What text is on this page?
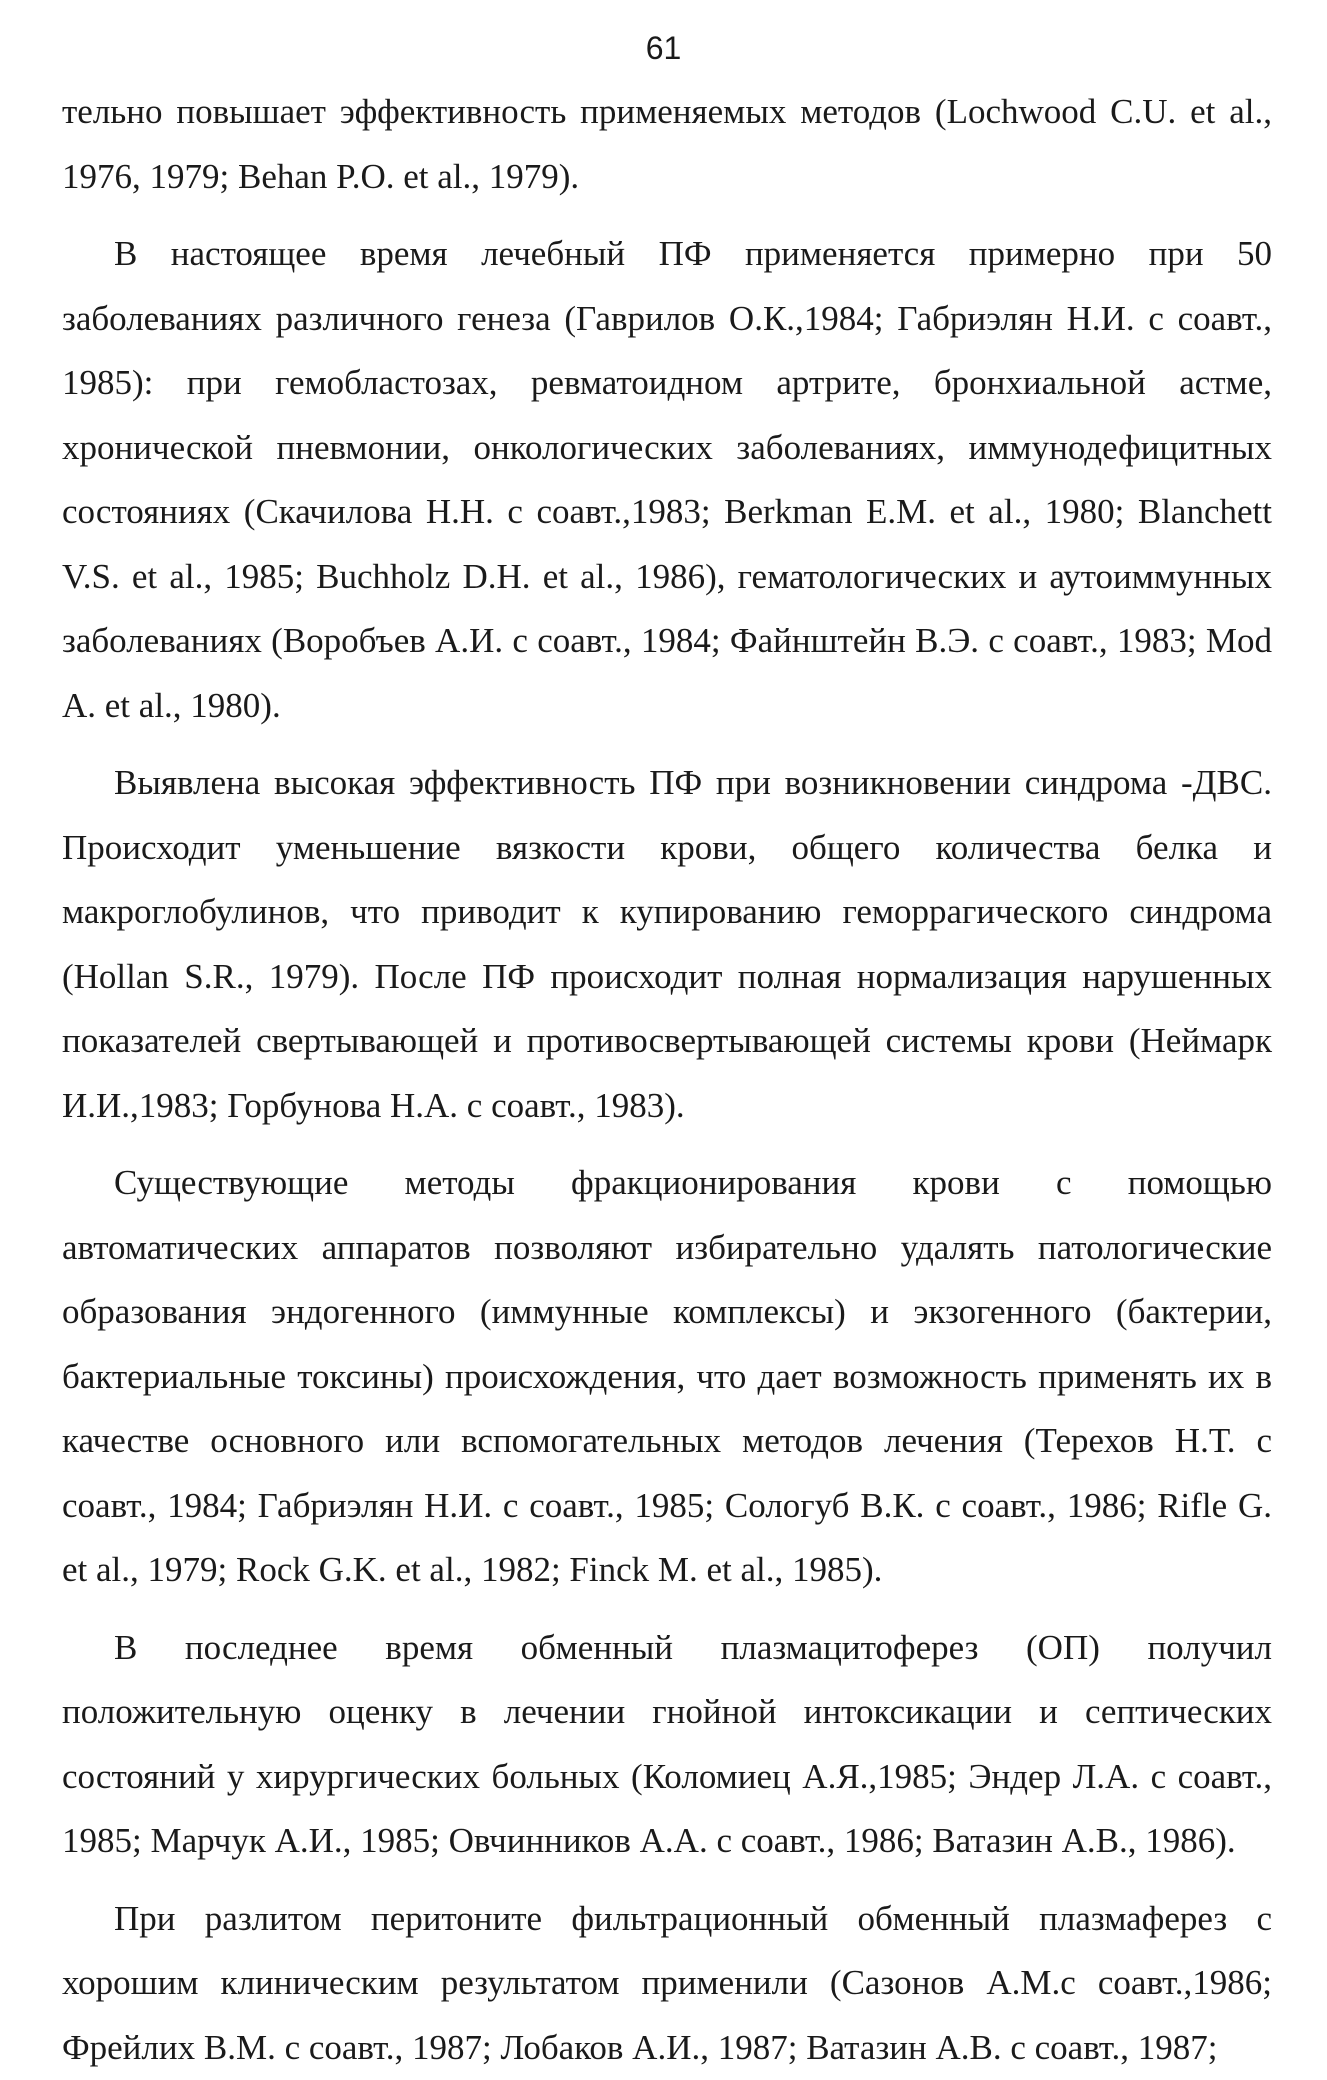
61

тельно повышает эффективность применяемых методов (Lochwood C.U. et al., 1976, 1979; Behan P.O. et al., 1979).

В настоящее время лечебный ПФ применяется примерно при 50 заболеваниях различного генеза (Гаврилов О.К.,1984; Габриэлян Н.И. с соавт., 1985): при гемобластозах, ревматоидном артрите, бронхиальной астме, хронической пневмонии, онкологических заболеваниях, иммунодефицитных состояниях (Скачилова Н.Н. с соавт.,1983; Berkman E.M. et al., 1980; Blanchett V.S. et al., 1985; Buchholz D.H. et al., 1986), гематологических и аутоиммунных заболеваниях (Воробъев А.И. с соавт., 1984; Файнштейн В.Э. с соавт., 1983; Mod A. et al., 1980).

Выявлена высокая эффективность ПФ при возникновении синдрома -ДВС. Происходит уменьшение вязкости крови, общего количества белка и макроглобулинов, что приводит к купированию геморрагического синдрома (Hollan S.R., 1979). После ПФ происходит полная нормализация нарушенных показателей свертывающей и противосвертывающей системы крови (Неймарк И.И.,1983; Горбунова Н.А. с соавт., 1983).

Существующие методы фракционирования крови с помощью автоматических аппаратов позволяют избирательно удалять патологические образования эндогенного (иммунные комплексы) и экзогенного (бактерии, бактериальные токсины) происхождения, что дает возможность применять их в качестве основного или вспомогательных методов лечения (Терехов Н.Т. с соавт., 1984; Габриэлян Н.И. с соавт., 1985; Сологуб В.К. с соавт., 1986; Rifle G. et al., 1979; Rock G.K. et al., 1982; Finck M. et al., 1985).

В последнее время обменный плазмацитоферез (ОП) получил положительную оценку в лечении гнойной интоксикации и септических состояний у хирургических больных (Коломиец А.Я.,1985; Эндер Л.А. с соавт., 1985; Марчук А.И., 1985; Овчинников А.А. с соавт., 1986; Ватазин А.В., 1986).

При разлитом перитоните фильтрационный обменный плазмаферез с хорошим клиническим результатом применили (Сазонов А.М.с соавт.,1986; Фрейлих В.М. с соавт., 1987; Лобаков А.И., 1987; Ватазин А.В. с соавт., 1987;
